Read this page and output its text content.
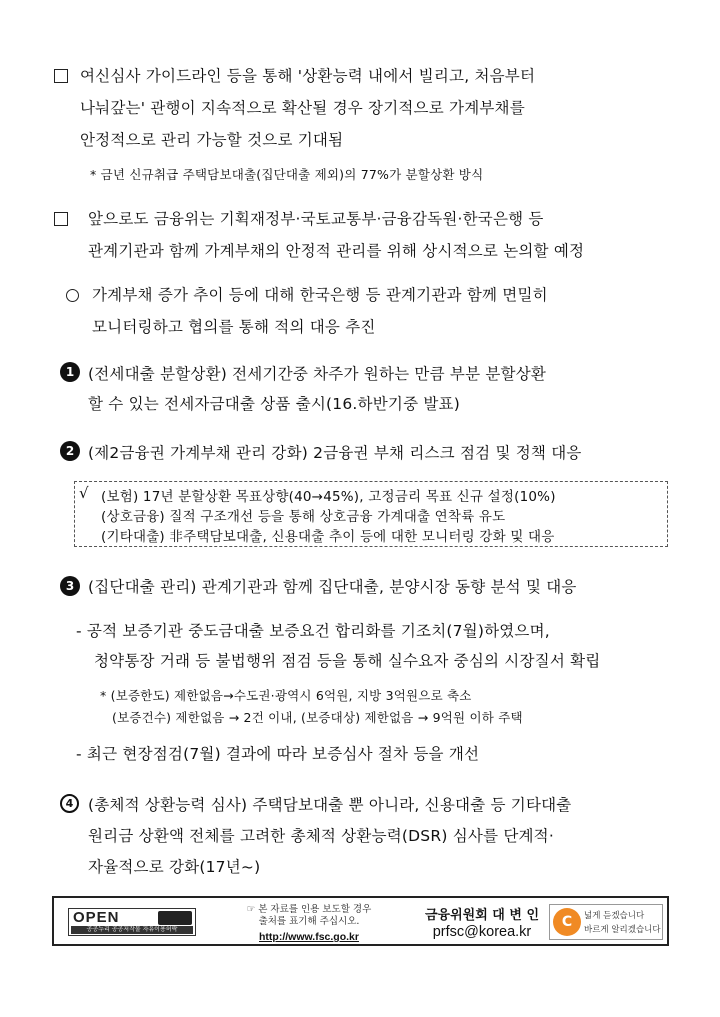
여신심사 가이드라인 등을 통해 '상환능력 내에서 빌리고, 처음부터
나눠갚는' 관행이 지속적으로 확산될 경우 장기적으로 가계부채를
안정적으로 관리 가능할 것으로 기대됨
* 금년 신규취급 주택담보대출(집단대출 제외)의 77%가 분할상환 방식
앞으로도 금융위는 기획재정부·국토교통부·금융감독원·한국은행 등
관계기관과 함께 가계부채의 안정적 관리를 위해 상시적으로 논의할 예정
가계부채 증가 추이 등에 대해 한국은행 등 관계기관과 함께 면밀히
모니터링하고 협의를 통해 적의 대응 추진
1 (전세대출 분할상환) 전세기간중 차주가 원하는 만큼 부분 분할상환
할 수 있는 전세자금대출 상품 출시(16.하반기중 발표)
2 (제2금융권 가계부채 관리 강화) 2금융권 부채 리스크 점검 및 정책 대응
√ (보험) 17년 분할상환 목표상향(40→45%), 고정금리 목표 신규 설정(10%)
(상호금융) 질적 구조개선 등을 통해 상호금융 가계대출 연착륙 유도
(기타대출) 非주택담보대출, 신용대출 추이 등에 대한 모니터링 강화 및 대응
3 (집단대출 관리) 관계기관과 함께 집단대출, 분양시장 동향 분석 및 대응
- 공적 보증기관 중도금대출 보증요건 합리화를 기조치(7월)하였으며,
청약통장 거래 등 불법행위 점검 등을 통해 실수요자 중심의 시장질서 확립
* (보증한도) 제한없음→수도권·광역시 6억원, 지방 3억원으로 축소
(보증건수) 제한없음 → 2건 이내, (보증대상) 제한없음 → 9억원 이하 주택
- 최근 현장점검(7월) 결과에 따라 보증심사 절차 등을 개선
4 (총체적 상환능력 심사) 주택담보대출 뿐 아니라, 신용대출 등 기타대출
원리금 상환액 전체를 고려한 총체적 상환능력(DSR) 심사를 단계적·
자율적으로 강화(17년~)
OPEN
공공누리 공공저작물 자유이용허락
☞ 본 자료를 인용 보도할 경우
출처를 표기해 주십시오.
http://www.fsc.go.kr
금융위원회 대 변 인
prfsc@korea.kr
C	넓게 듣겠습니다
바르게 알리겠습니다
